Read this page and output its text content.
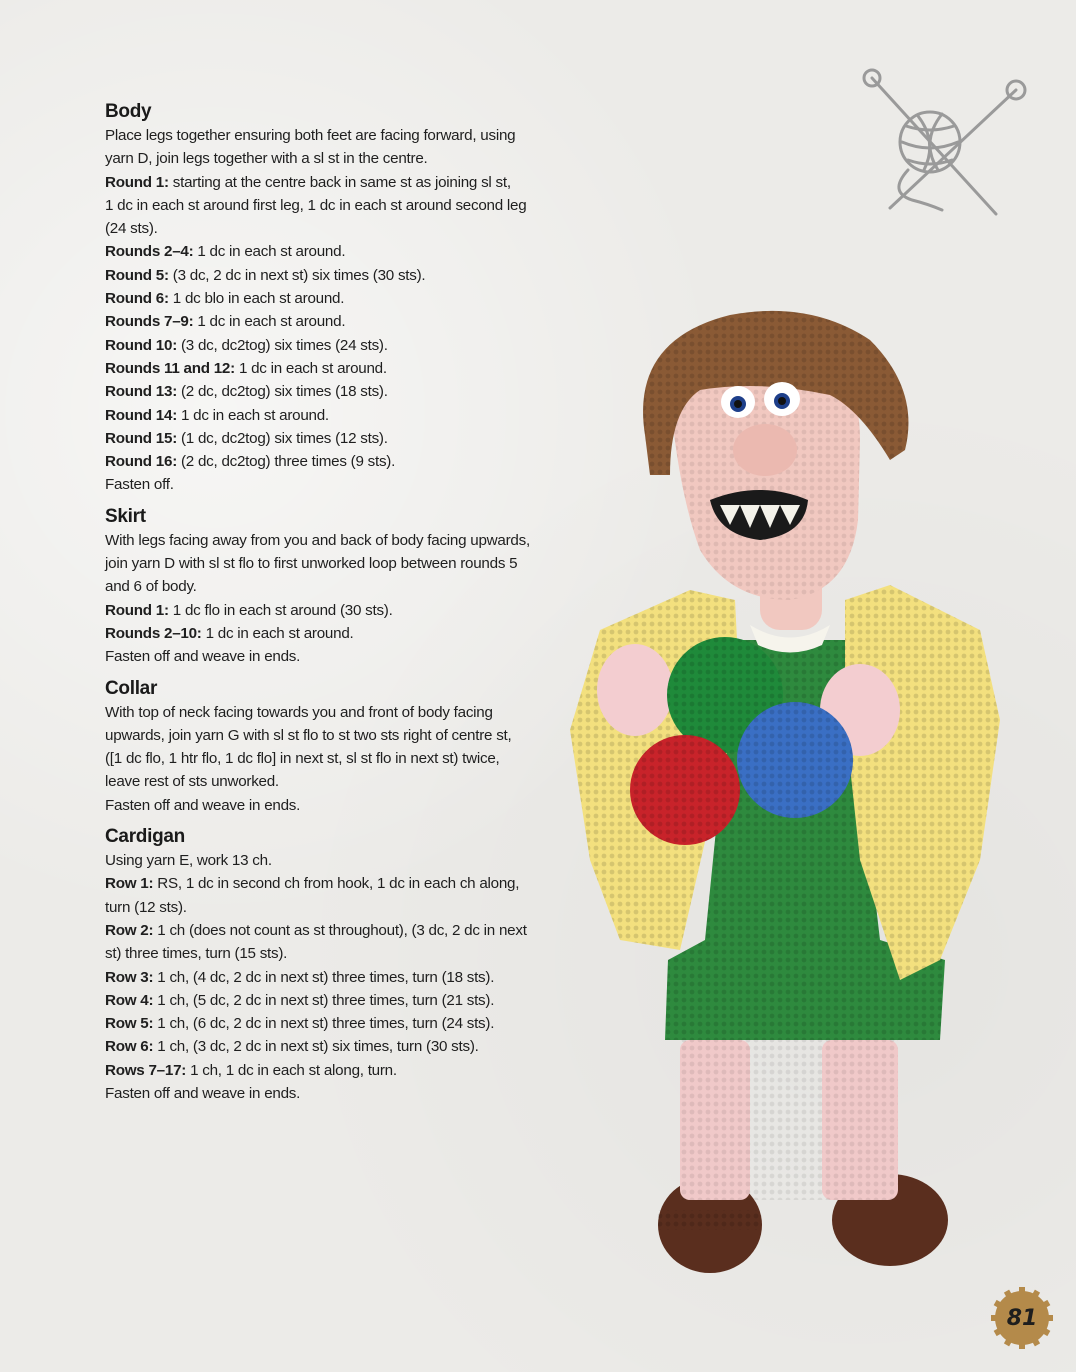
Body

Place legs together ensuring both feet are facing forward, using

yarn D, join legs together with a sl st in the centre.

Round 1: starting at the centre back in same st as joining sl st,

1 dc in each st around first leg, 1 dc in each st around second leg

(24 sts).

Rounds 2–4: 1 dc in each st around.

Round 5: (3 dc, 2 dc in next st) six times (30 sts).

Round 6: 1 dc blo in each st around.

Rounds 7–9: 1 dc in each st around.

Round 10: (3 dc, dc2tog) six times (24 sts).

Rounds 11 and 12: 1 dc in each st around.

Round 13: (2 dc, dc2tog) six times (18 sts).

Round 14: 1 dc in each st around.

Round 15: (1 dc, dc2tog) six times (12 sts).

Round 16: (2 dc, dc2tog) three times (9 sts).

Fasten off.

Skirt

With legs facing away from you and back of body facing upwards,

join yarn D with sl st flo to first unworked loop between rounds 5

and 6 of body.

Round 1: 1 dc flo in each st around (30 sts).

Rounds 2–10: 1 dc in each st around.

Fasten off and weave in ends.

Collar

With top of neck facing towards you and front of body facing

upwards, join yarn G with sl st flo to st two sts right of centre st,

([1 dc flo, 1 htr flo, 1 dc flo] in next st, sl st flo in next st) twice,

leave rest of sts unworked.

Fasten off and weave in ends.

Cardigan

Using yarn E, work 13 ch.

Row 1: RS, 1 dc in second ch from hook, 1 dc in each ch along,

turn (12 sts).

Row 2: 1 ch (does not count as st throughout), (3 dc, 2 dc in next

st) three times, turn (15 sts).

Row 3: 1 ch, (4 dc, 2 dc in next st) three times, turn (18 sts).

Row 4: 1 ch, (5 dc, 2 dc in next st) three times, turn (21 sts).

Row 5: 1 ch, (6 dc, 2 dc in next st) three times, turn (24 sts).

Row 6: 1 ch, (3 dc, 2 dc in next st) six times, turn (30 sts).

Rows 7–17: 1 ch, 1 dc in each st along, turn.

Fasten off and weave in ends.

81
